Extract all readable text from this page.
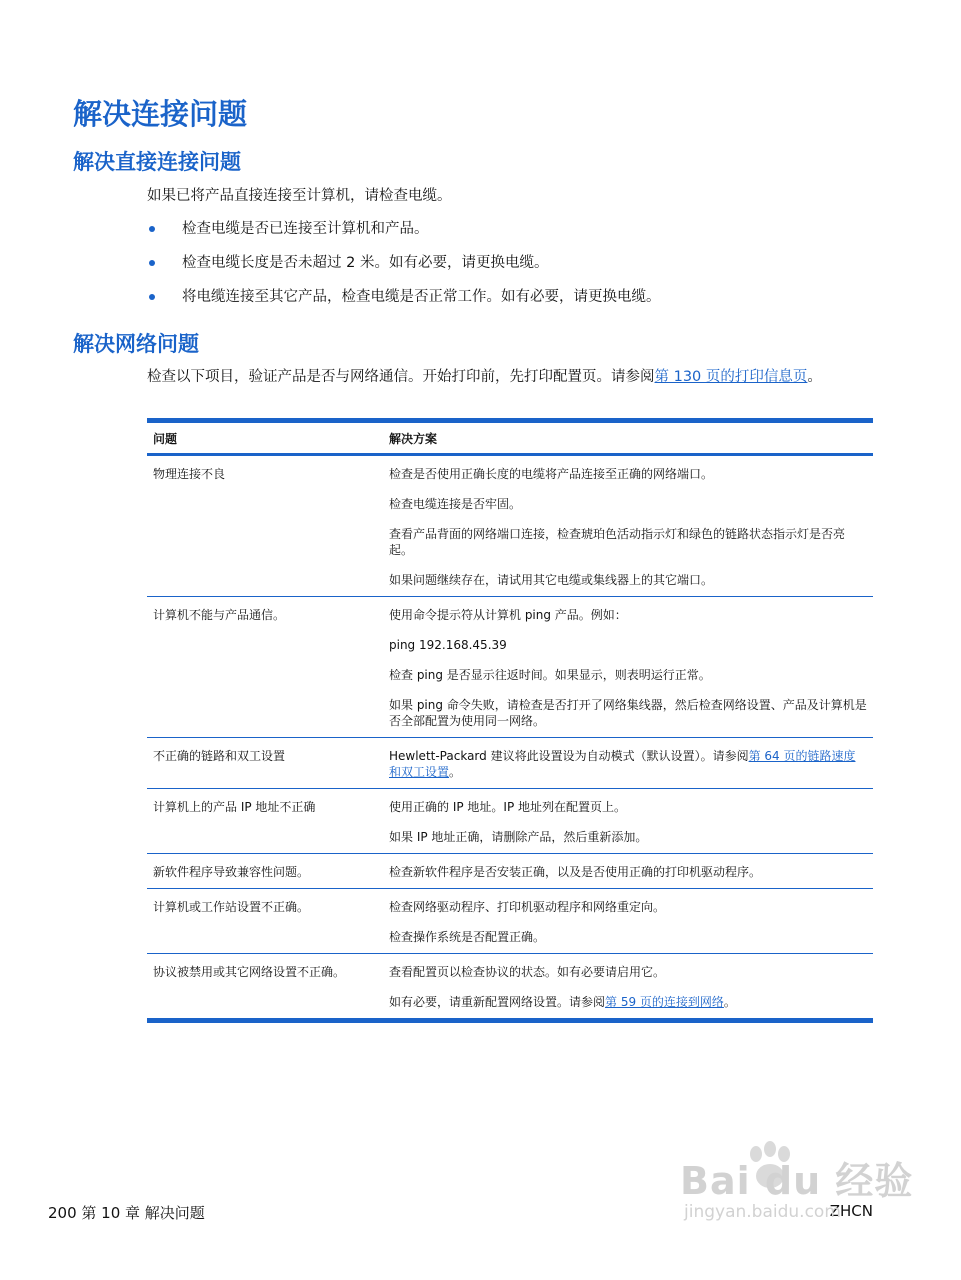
解决连接问题
解决直接连接问题
如果已将产品直接连接至计算机，请检查电缆。
检查电缆是否已连接至计算机和产品。
检查电缆长度是否未超过 2 米。如有必要，请更换电缆。
将电缆连接至其它产品，检查电缆是否正常工作。如有必要，请更换电缆。
解决网络问题
检查以下项目，验证产品是否与网络通信。开始打印前，先打印配置页。请参阅第 130 页的打印信息页。
问题	解决方案
物理连接不良	检查是否使用正确长度的电缆将产品连接至正确的网络端口。

检查电缆连接是否牢固。

查看产品背面的网络端口连接，检查琥珀色活动指示灯和绿色的链路状态指示灯是否亮起。

如果问题继续存在，请试用其它电缆或集线器上的其它端口。

计算机不能与产品通信。	使用命令提示符从计算机 ping 产品。例如：

ping 192.168.45.39

检查 ping 是否显示往返时间。如果显示，则表明运行正常。

如果 ping 命令失败，请检查是否打开了网络集线器，然后检查网络设置、产品及计算机是否全部配置为使用同一网络。

不正确的链路和双工设置	Hewlett-Packard 建议将此设置设为自动模式（默认设置）。请参阅第 64 页的链路速度和双工设置。

计算机上的产品 IP 地址不正确	使用正确的 IP 地址。IP 地址列在配置页上。

如果 IP 地址正确，请删除产品，然后重新添加。

新软件程序导致兼容性问题。	检查新软件程序是否安装正确，以及是否使用正确的打印机驱动程序。

计算机或工作站设置不正确。	检查网络驱动程序、打印机驱动程序和网络重定向。

检查操作系统是否配置正确。

协议被禁用或其它网络设置不正确。	查看配置页以检查协议的状态。如有必要请启用它。

如有必要，请重新配置网络设置。请参阅第 59 页的连接到网络。

200 第 10 章 解决问题	ZHCN
Bai du 经验
jingyan.baidu.com
